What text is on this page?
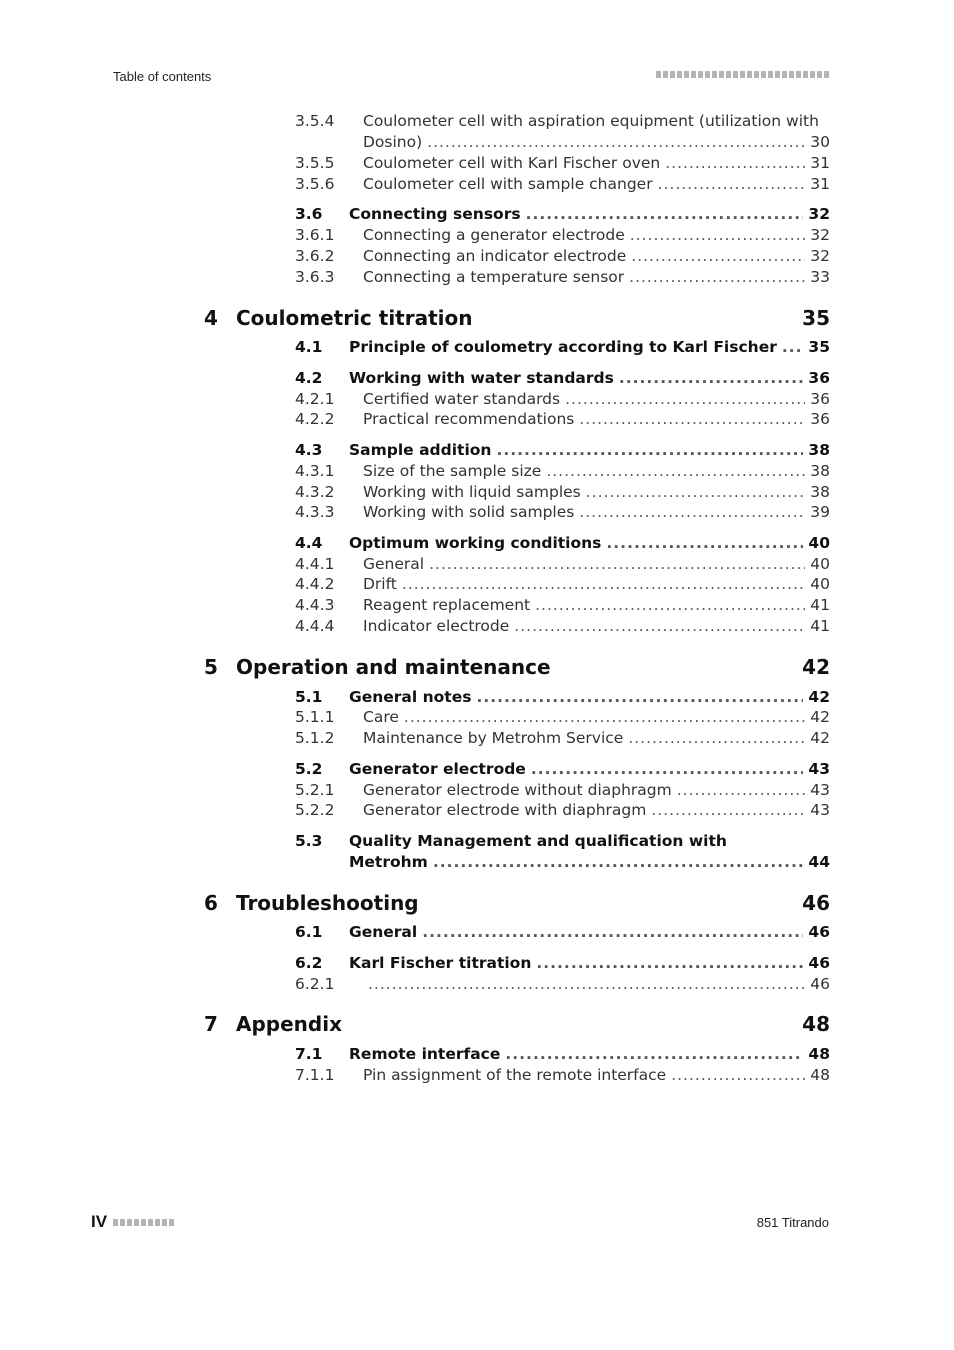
Table of contents
3.5.4 Coulometer cell with aspiration equipment (utilization with
Dosino) .....	30
3.5.5 Coulometer cell with Karl Fischer oven .....	31
3.5.6 Coulometer cell with sample changer .....	31
3.6 Connecting sensors .....	32
3.6.1 Connecting a generator electrode .....	32
3.6.2 Connecting an indicator electrode .....	32
3.6.3 Connecting a temperature sensor .....	33
4 Coulometric titration	35
4.1 Principle of coulometry according to Karl Fischer ..... 35
4.2 Working with water standards .....	36
4.2.1 Certified water standards .....	36
4.2.2 Practical recommendations .....	36
4.3 Sample addition .....	38
4.3.1 Size of the sample size .....	38
4.3.2 Working with liquid samples .....	38
4.3.3 Working with solid samples .....	39
4.4 Optimum working conditions .....	40
4.4.1 General .....	40
4.4.2 Drift .....	40
4.4.3 Reagent replacement .....	41
4.4.4 Indicator electrode .....	41
5 Operation and maintenance	42
5.1 General notes .....	42
5.1.1 Care .....	42
5.1.2 Maintenance by Metrohm Service .....	42
5.2 Generator electrode .....	43
5.2.1 Generator electrode without diaphragm .....	43
5.2.2 Generator electrode with diaphragm .....	43
5.3 Quality Management and qualification with
Metrohm .....	44
6 Troubleshooting	46
6.1 General .....	46
6.2 Karl Fischer titration .....	46
6.2.1 .....	46
7 Appendix	48
7.1 Remote interface .....	48
7.1.1 Pin assignment of the remote interface .....	48
IV	851 Titrando
